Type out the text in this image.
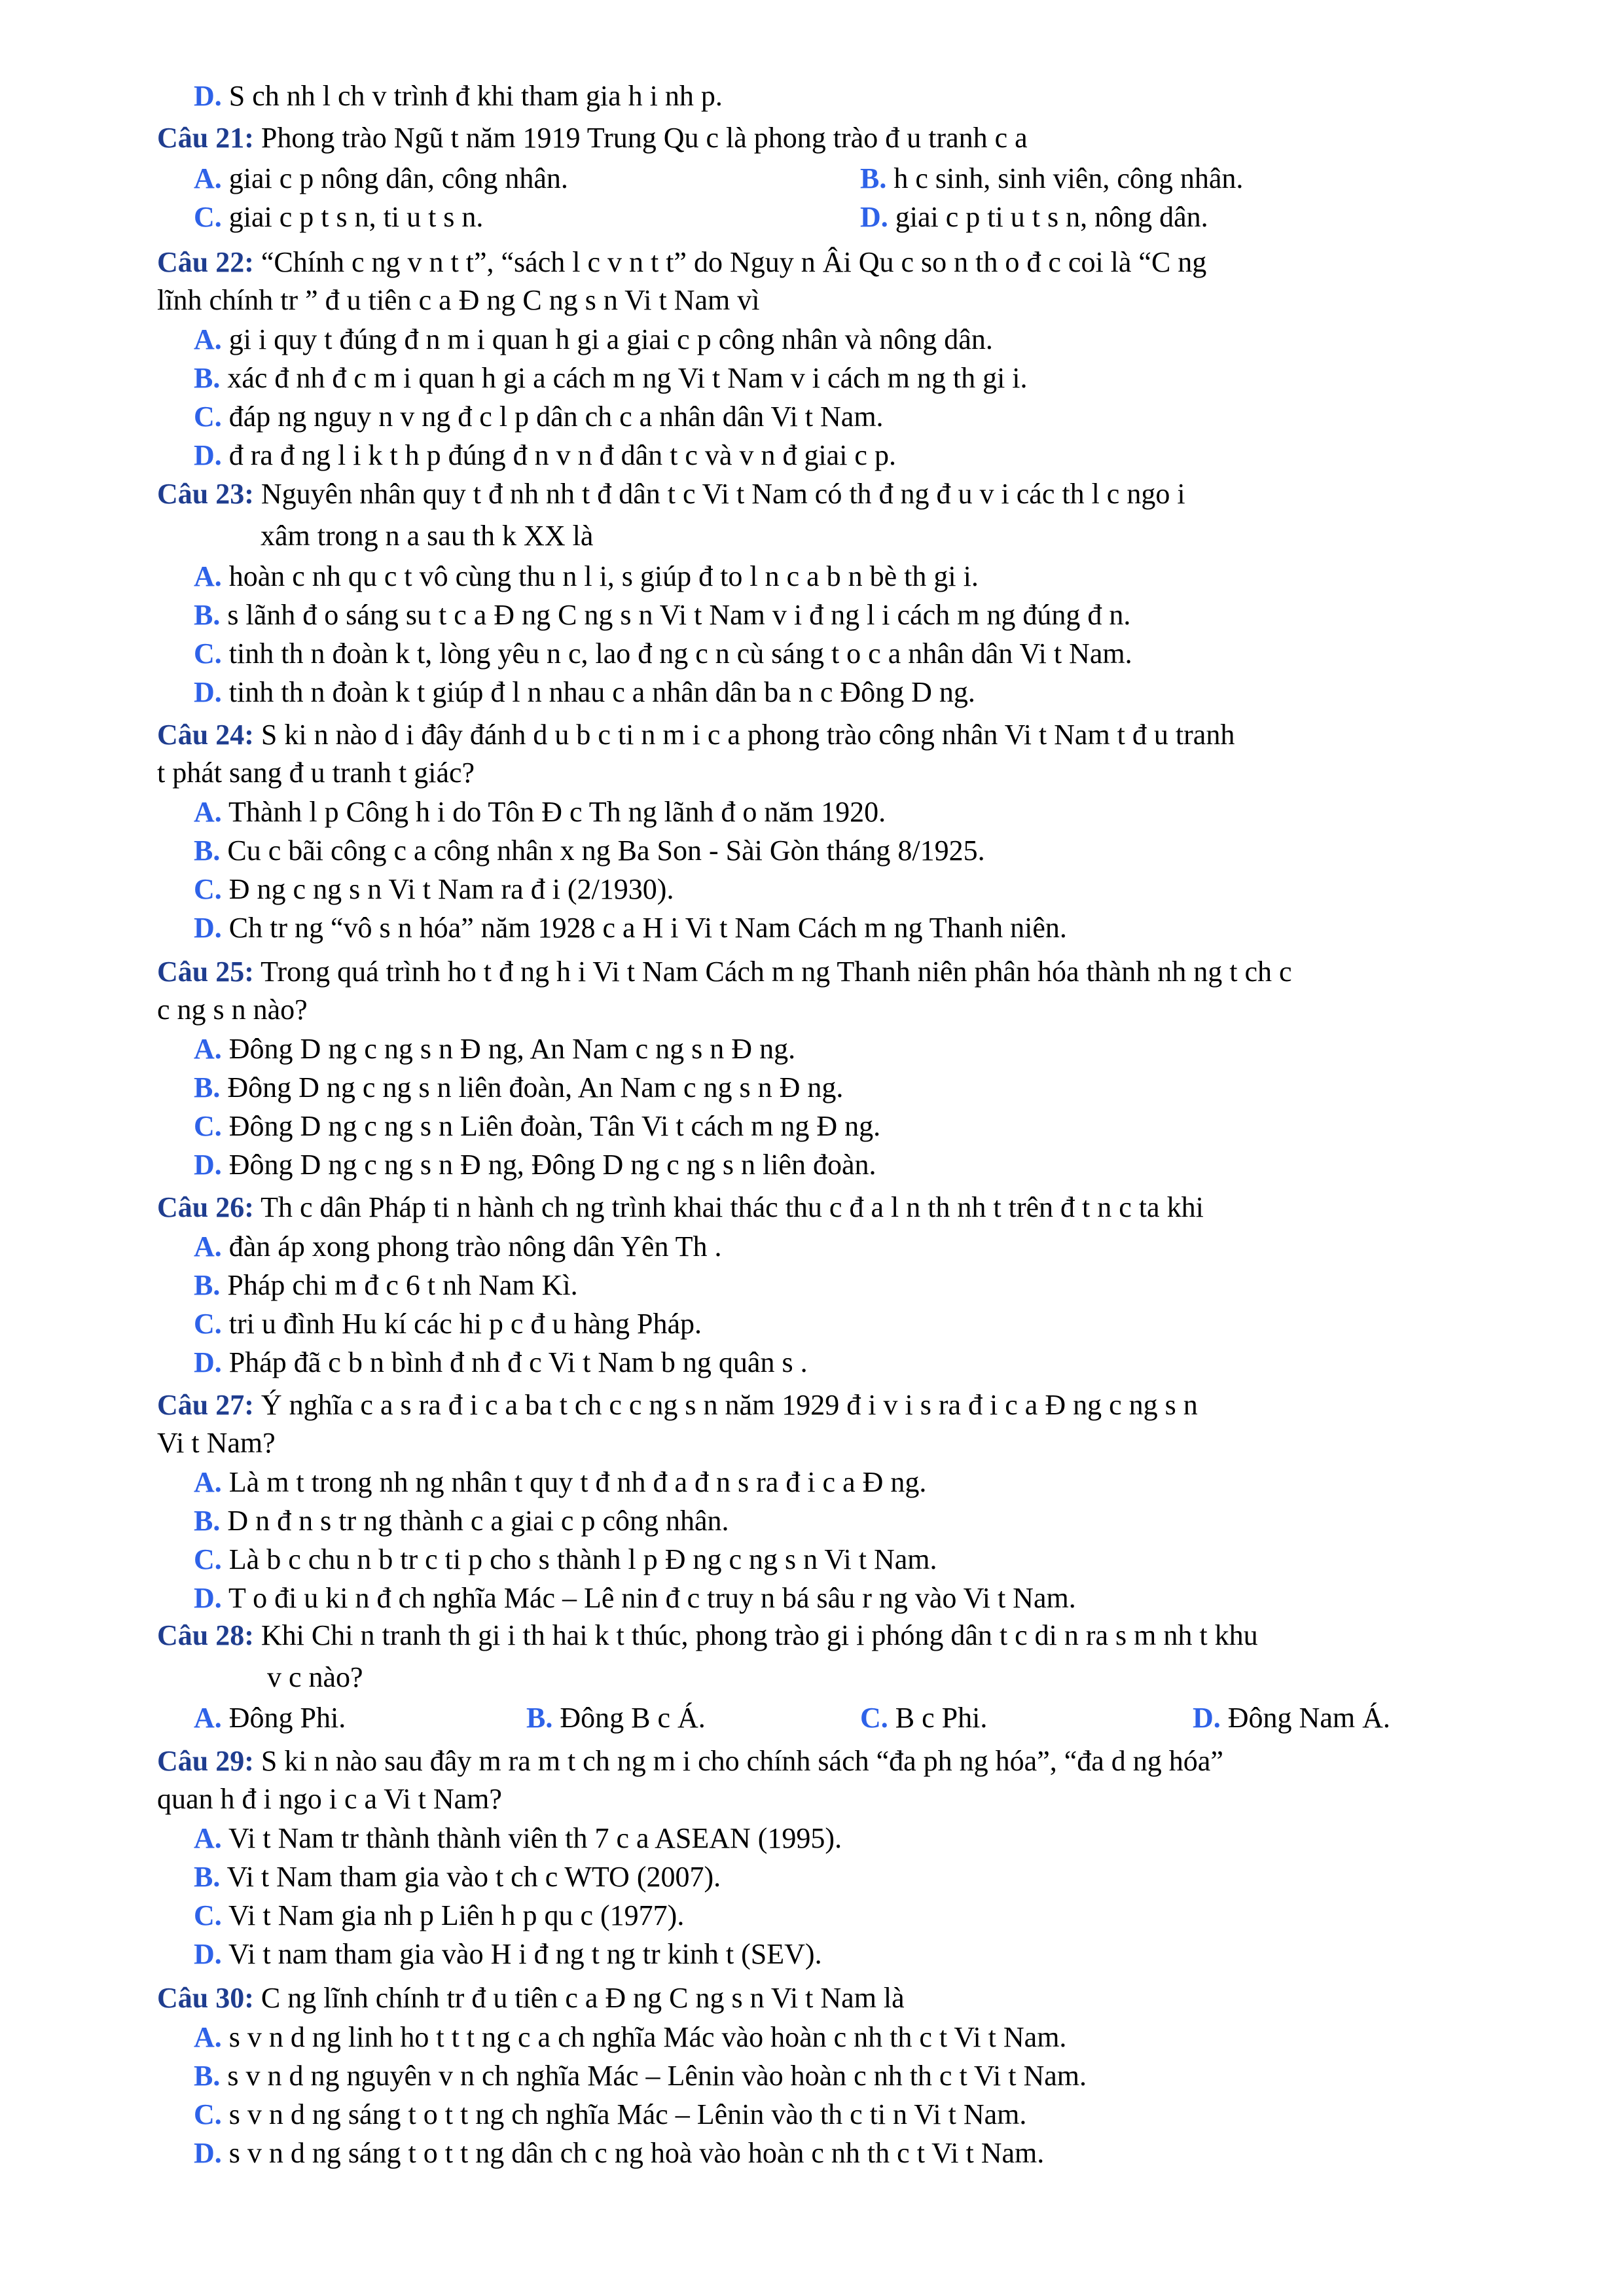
D. S ch nh l ch v trình đ khi tham gia h i nh p.
Câu 21: Phong trào Ngũ t năm 1919 Trung Qu c là phong trào đ u tranh c a
A. giai c p nông dân, công nhân.	B. h c sinh, sinh viên, công nhân.
C. giai c p t s n, ti u t s n.	D. giai c p ti u t s n, nông dân.
Câu 22: “Chính c ng v n t t”, “sách l c v n t t” do Nguy n Âi Qu c so n th o đ c coi là “C ng
lĩnh chính tr ” đ u tiên c a Đ ng C ng s n Vi t Nam vì
A. gi i quy t đúng đ n m i quan h gi a giai c p công nhân và nông dân.
B. xác đ nh đ c m i quan h gi a cách m ng Vi t Nam v i cách m ng th gi i.
C. đáp ng nguy n v ng đ c l p dân ch c a nhân dân Vi t Nam.
D. đ ra đ ng l i k t h p đúng đ n v n đ dân t c và v n đ giai c p.
Câu 23: Nguyên nhân quy t đ nh nh t đ dân t c Vi t Nam có th đ ng đ u v i các th l c ngo i
xâm trong n a sau th k XX là
A. hoàn c nh qu c t vô cùng thu n l i, s giúp đ to l n c a b n bè th gi i.
B. s lãnh đ o sáng su t c a Đ ng C ng s n Vi t Nam v i đ ng l i cách m ng đúng đ n.
C. tinh th n đoàn k t, lòng yêu n c, lao đ ng c n cù sáng t o c a nhân dân Vi t Nam.
D. tinh th n đoàn k t giúp đ l n nhau c a nhân dân ba n c Đông D ng.
Câu 24: S ki n nào d i đây đánh d u b c ti n m i c a phong trào công nhân Vi t Nam t đ u tranh
t phát sang đ u tranh t giác?
A. Thành l p Công h i do Tôn Đ c Th ng lãnh đ o năm 1920.
B. Cu c bãi công c a công nhân x ng Ba Son - Sài Gòn tháng 8/1925.
C. Đ ng c ng s n Vi t Nam ra đ i (2/1930).
D. Ch tr ng “vô s n hóa” năm 1928 c a H i Vi t Nam Cách m ng Thanh niên.
Câu 25: Trong quá trình ho t đ ng h i Vi t Nam Cách m ng Thanh niên phân hóa thành nh ng t ch c
c ng s n nào?
A. Đông D ng c ng s n Đ ng, An Nam c ng s n Đ ng.
B. Đông D ng c ng s n liên đoàn, An Nam c ng s n Đ ng.
C. Đông D ng c ng s n Liên đoàn, Tân Vi t cách m ng Đ ng.
D. Đông D ng c ng s n Đ ng, Đông D ng c ng s n liên đoàn.
Câu 26: Th c dân Pháp ti n hành ch ng trình khai thác thu c đ a l n th nh t trên đ t n c ta khi
A. đàn áp xong phong trào nông dân Yên Th .
B. Pháp chi m đ c 6 t nh Nam Kì.
C. tri u đình Hu kí các hi p c đ u hàng Pháp.
D. Pháp đã c b n bình đ nh đ c Vi t Nam b ng quân s .
Câu 27: Ý nghĩa c a s ra đ i c a ba t ch c c ng s n năm 1929 đ i v i s ra đ i c a Đ ng c ng s n
Vi t Nam?
A. Là m t trong nh ng nhân t quy t đ nh đ a đ n s ra đ i c a Đ ng.
B. D n đ n s tr ng thành c a giai c p công nhân.
C. Là b c chu n b tr c ti p cho s thành l p Đ ng c ng s n Vi t Nam.
D. T o đi u ki n đ ch nghĩa Mác – Lê nin đ c truy n bá sâu r ng vào Vi t Nam.
Câu 28: Khi Chi n tranh th gi i th hai k t thúc, phong trào gi i phóng dân t c di n ra s m nh t khu
v c nào?
A. Đông Phi.	B. Đông B c Á.	C. B c Phi.	D. Đông Nam Á.
Câu 29: S ki n nào sau đây m ra m t ch ng m i cho chính sách “đa ph ng hóa”, “đa d ng hóa”
quan h đ i ngo i c a Vi t Nam?
A. Vi t Nam tr thành thành viên th 7 c a ASEAN (1995).
B. Vi t Nam tham gia vào t ch c WTO (2007).
C. Vi t Nam gia nh p Liên h p qu c (1977).
D. Vi t nam tham gia vào H i đ ng t ng tr kinh t (SEV).
Câu 30: C ng lĩnh chính tr đ u tiên c a Đ ng C ng s n Vi t Nam là
A. s v n d ng linh ho t t t ng c a ch nghĩa Mác vào hoàn c nh th c t Vi t Nam.
B. s v n d ng nguyên v n ch nghĩa Mác – Lênin vào hoàn c nh th c t Vi t Nam.
C. s v n d ng sáng t o t t ng ch nghĩa Mác – Lênin vào th c ti n Vi t Nam.
D. s v n d ng sáng t o t t ng dân ch c ng hoà vào hoàn c nh th c t Vi t Nam.
